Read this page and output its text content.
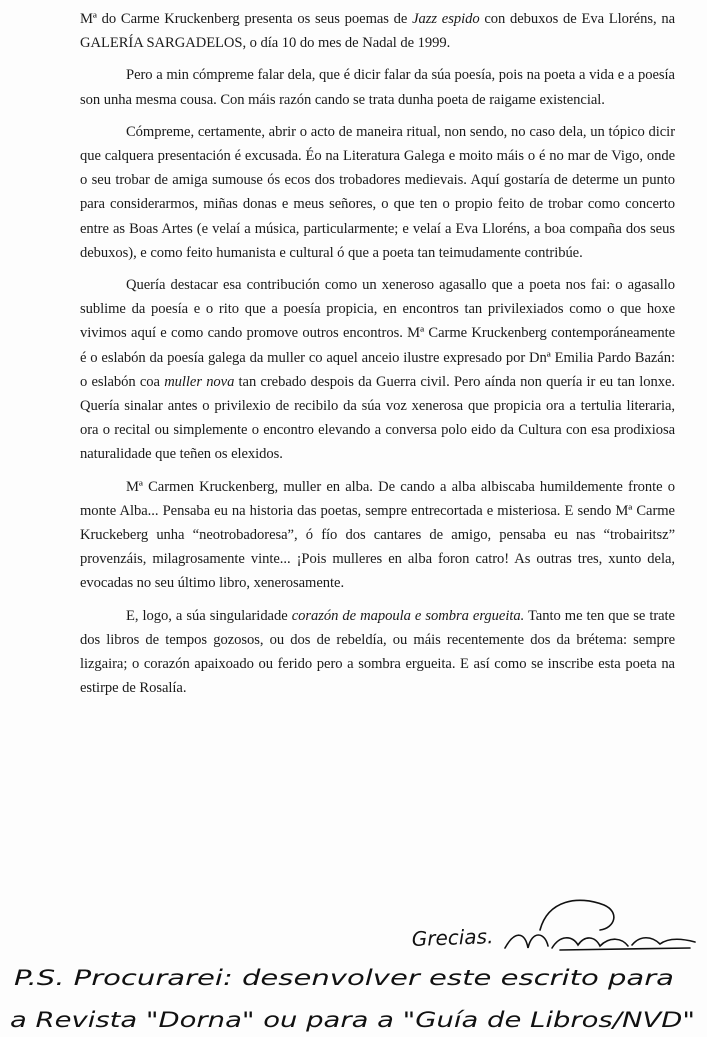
Mª do Carme Kruckenberg presenta os seus poemas de Jazz espido con debuxos de Eva Lloréns, na GALERÍA SARGADELOS, o día 10 do mes de Nadal de 1999.

Pero a min cómpreme falar dela, que é dicir falar da súa poesía, pois na poeta a vida e a poesía son unha mesma cousa. Con máis razón cando se trata dunha poeta de raigame existencial.

Cómpreme, certamente, abrir o acto de maneira ritual, non sendo, no caso dela, un tópico dicir que calquera presentación é excusada. Éo na Literatura Galega e moito máis o é no mar de Vigo, onde o seu trobar de amiga sumouse ós ecos dos trobadores medievais. Aquí gostaría de determe un punto para considerarmos, miñas donas e meus señores, o que ten o propio feito de trobar como concerto entre as Boas Artes (e velaí a música, particularmente; e velaí a Eva Lloréns, a boa compaña dos seus debuxos), e como feito humanista e cultural ó que a poeta tan teimudamente contribúe.

Quería destacar esa contribución como un xeneroso agasallo que a poeta nos fai: o agasallo sublime da poesía e o rito que a poesía propicia, en encontros tan privilexiados como o que hoxe vivimos aquí e como cando promove outros encontros. Mª Carme Kruckenberg contemporáneamente é o eslabón da poesía galega da muller co aquel anceio ilustre expresado por Dnª Emilia Pardo Bazán: o eslabón coa muller nova tan crebado despois da Guerra civil. Pero aínda non quería ir eu tan lonxe. Quería sinalar antes o privilexio de recibilo da súa voz xenerosa que propicia ora a tertulia literaria, ora o recital ou simplemente o encontro elevando a conversa polo eido da Cultura con esa prodixiosa naturalidade que teñen os elexidos.

Mª Carmen Kruckenberg, muller en alba. De cando a alba albiscaba humildemente fronte o monte Alba... Pensaba eu na historia das poetas, sempre entrecortada e misteriosa. E sendo Mª Carme Kruckeberg unha “neotrobadoresa”, ó fío dos cantares de amigo, pensaba eu nas “trobairitsz” provenzáis, milagrosamente vinte... ¡Pois mulleres en alba foron catro! As outras tres, xunto dela, evocadas no seu último libro, xenerosamente.

E, logo, a súa singularidade corazón de mapoula e sombra ergueita. Tanto me ten que se trate dos libros de tempos gozosos, ou dos de rebeldía, ou máis recentemente dos da brétema: sempre lizgaira; o corazón apaixoado ou ferido pero a sombra ergueita. E así como se inscribe esta poeta na estirpe de Rosalía.

Grecias.
P.S. Procurarei: desenvolver este escrito para
a Revista "Dorna" ou para a "Guía de Libros/NVD"
